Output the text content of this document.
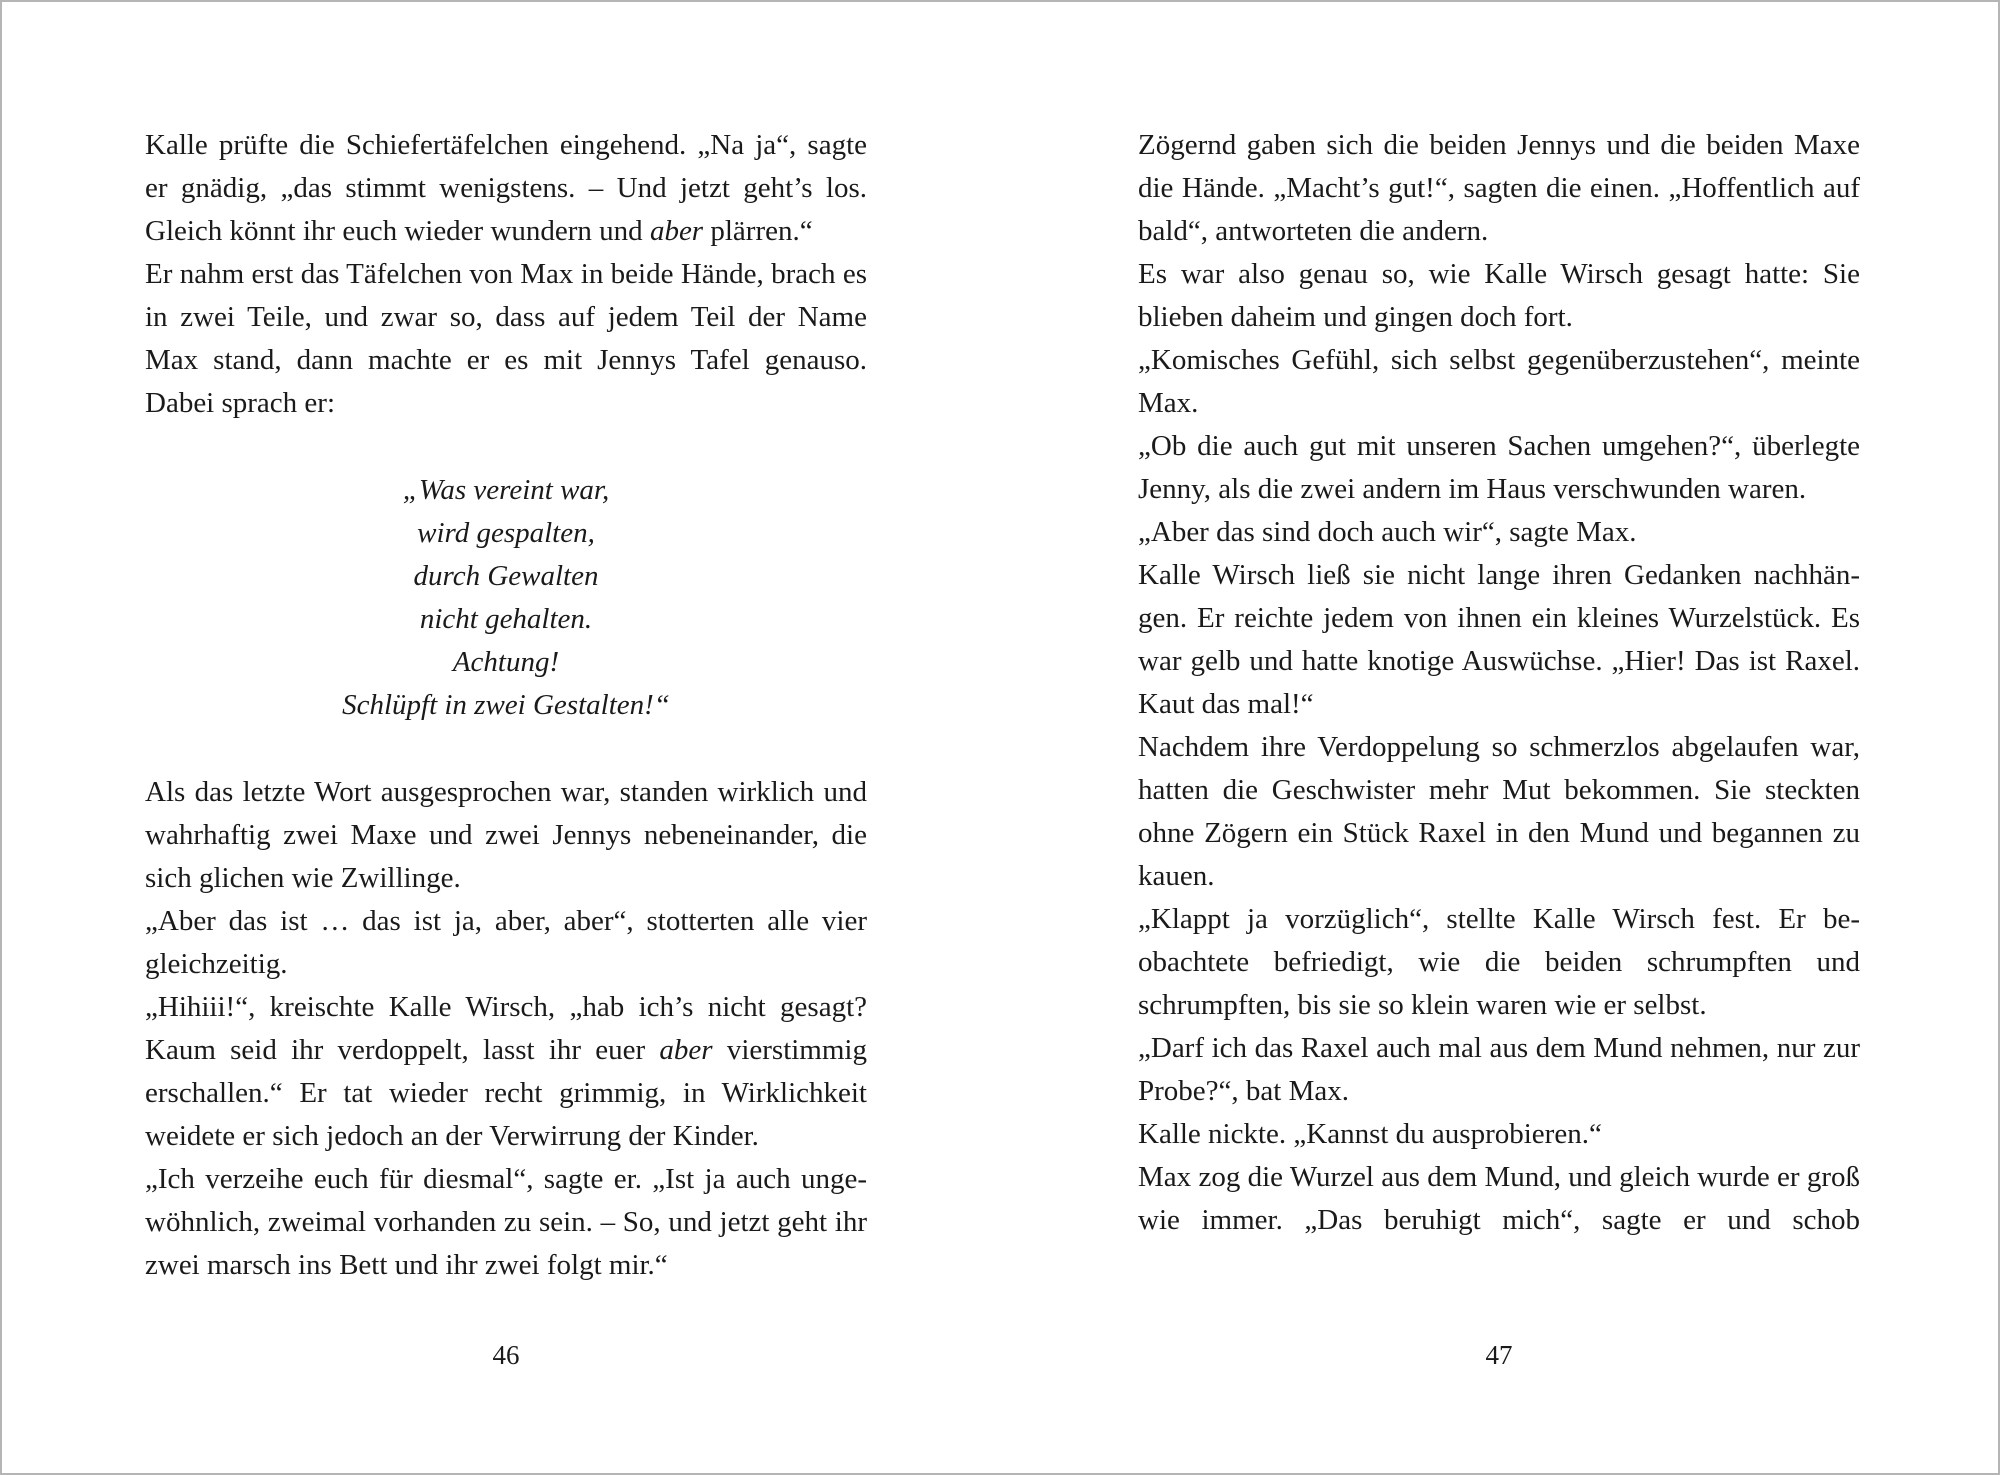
Kalle prüfte die Schiefertäfelchen eingehend. „Na ja“, sagte er gnädig, „das stimmt wenigstens. – Und jetzt geht’s los. Gleich könnt ihr euch wieder wundern und aber plärren.“

Er nahm erst das Täfelchen von Max in beide Hände, brach es in zwei Teile, und zwar so, dass auf jedem Teil der Name Max stand, dann machte er es mit Jennys Tafel genauso. Dabei sprach er:

„Was vereint war,
wird gespalten,
durch Gewalten
nicht gehalten.
Achtung!
Schlüpft in zwei Gestalten!“

Als das letzte Wort ausgesprochen war, standen wirklich und wahrhaftig zwei Maxe und zwei Jennys nebeneinander, die sich glichen wie Zwillinge.

„Aber das ist … das ist ja, aber, aber“, stotterten alle vier gleichzeitig.

„Hihiii!“, kreischte Kalle Wirsch, „hab ich’s nicht gesagt? Kaum seid ihr verdoppelt, lasst ihr euer aber vierstimmig erschallen.“ Er tat wieder recht grimmig, in Wirklichkeit weidete er sich jedoch an der Verwirrung der Kinder.

„Ich verzeihe euch für diesmal“, sagte er. „Ist ja auch ungewöhnlich, zweimal vorhanden zu sein. – So, und jetzt geht ihr zwei marsch ins Bett und ihr zwei folgt mir.“

Zögernd gaben sich die beiden Jennys und die beiden Maxe die Hände. „Macht’s gut!“, sagten die einen. „Hoffentlich auf bald“, antworteten die andern.

Es war also genau so, wie Kalle Wirsch gesagt hatte: Sie blieben daheim und gingen doch fort.

„Komisches Gefühl, sich selbst gegenüberzustehen“, meinte Max.

„Ob die auch gut mit unseren Sachen umgehen?“, überlegte Jenny, als die zwei andern im Haus verschwunden waren.

„Aber das sind doch auch wir“, sagte Max.

Kalle Wirsch ließ sie nicht lange ihren Gedanken nachhängen. Er reichte jedem von ihnen ein kleines Wurzelstück. Es war gelb und hatte knotige Auswüchse. „Hier! Das ist Raxel. Kaut das mal!“

Nachdem ihre Verdoppelung so schmerzlos abgelaufen war, hatten die Geschwister mehr Mut bekommen. Sie steckten ohne Zögern ein Stück Raxel in den Mund und begannen zu kauen.

„Klappt ja vorzüglich“, stellte Kalle Wirsch fest. Er beobachtete befriedigt, wie die beiden schrumpften und schrumpften, bis sie so klein waren wie er selbst.

„Darf ich das Raxel auch mal aus dem Mund nehmen, nur zur Probe?“, bat Max.

Kalle nickte. „Kannst du ausprobieren.“

Max zog die Wurzel aus dem Mund, und gleich wurde er groß wie immer. „Das beruhigt mich“, sagte er und schob

46	47
